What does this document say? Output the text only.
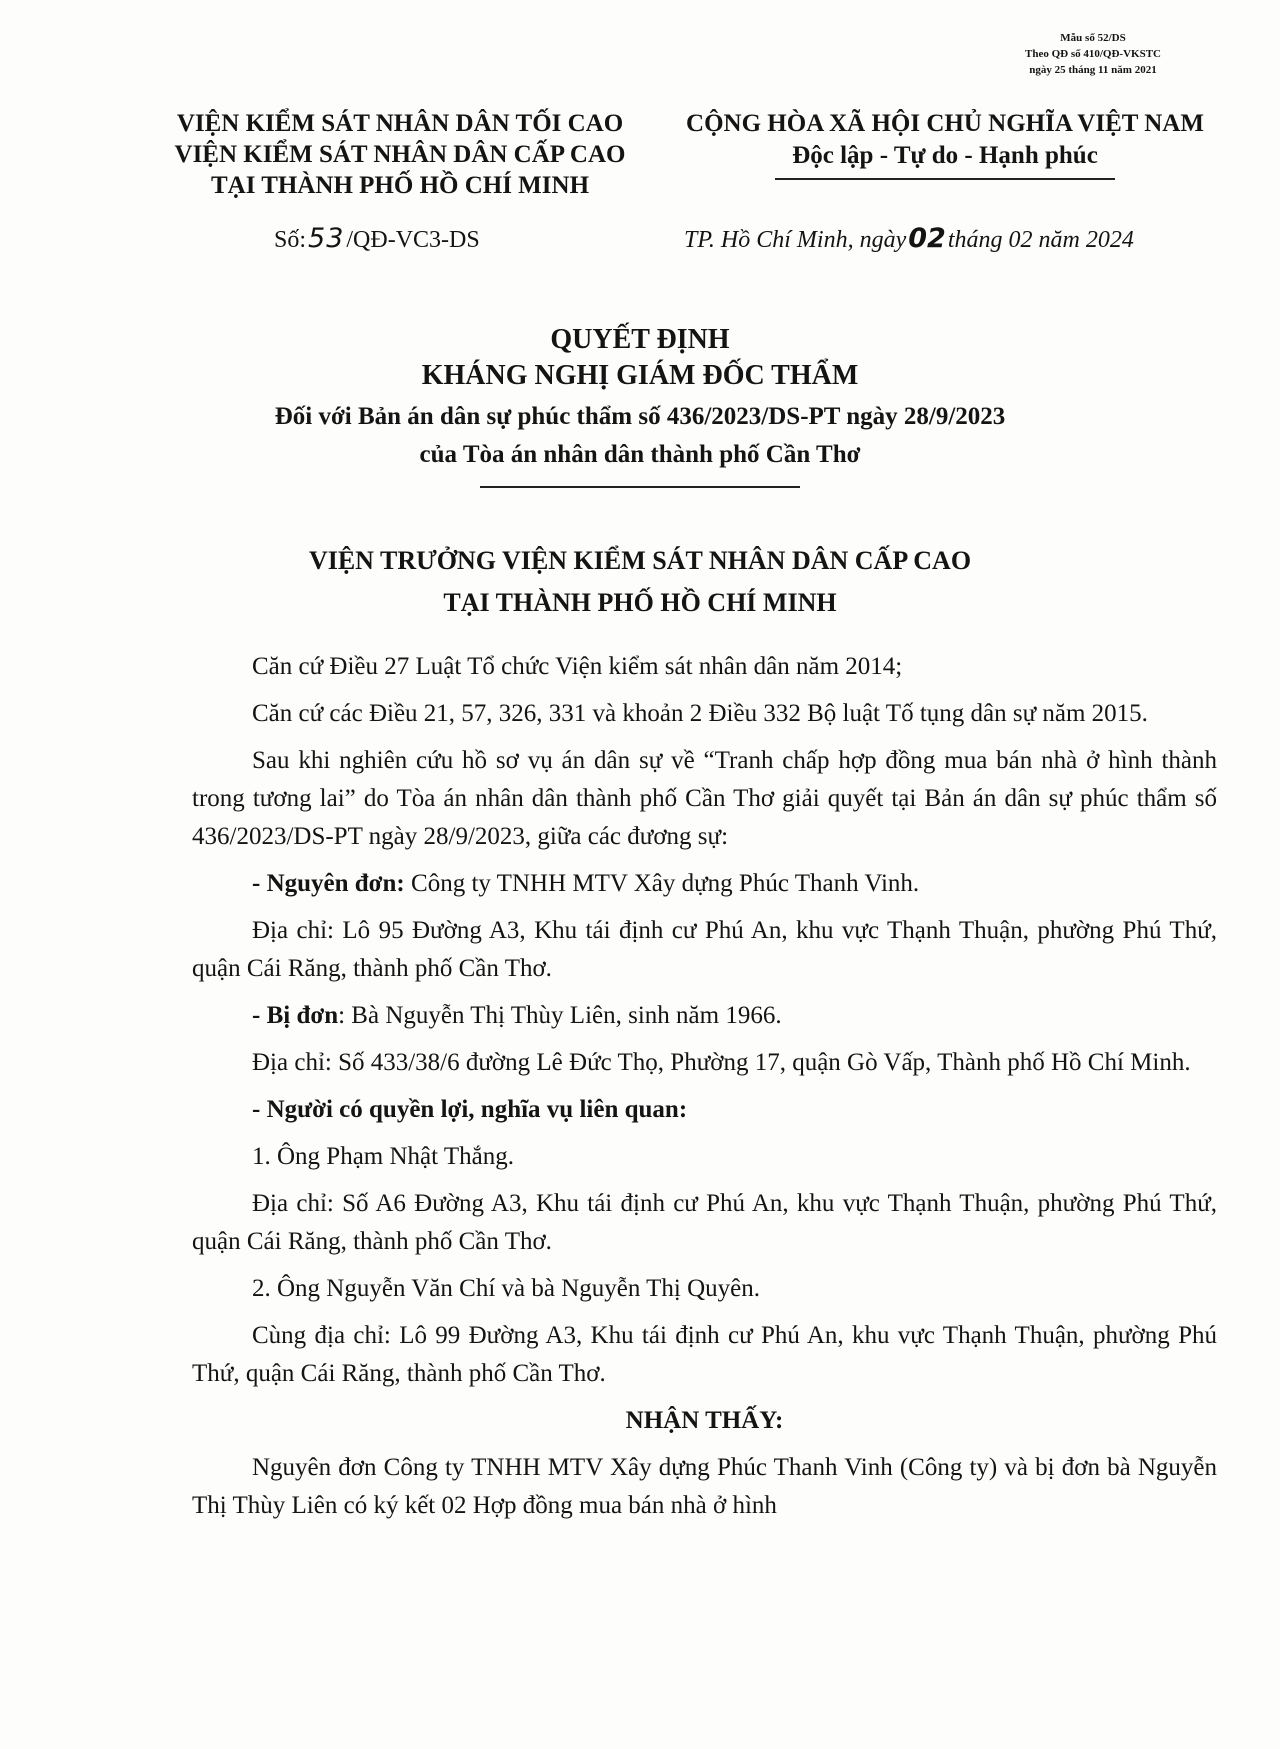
Mẫu số 52/DS
Theo QĐ số 410/QĐ-VKSTC
ngày 25 tháng 11 năm 2021
VIỆN KIỂM SÁT NHÂN DÂN TỐI CAO
VIỆN KIỂM SÁT NHÂN DÂN CẤP CAO
TẠI THÀNH PHỐ HỒ CHÍ MINH
CỘNG HÒA XÃ HỘI CHỦ NGHĨA VIỆT NAM
Độc lập - Tự do - Hạnh phúc
Số:53/QĐ-VC3-DS	TP. Hồ Chí Minh, ngày02tháng 02 năm 2024
QUYẾT ĐỊNH
KHÁNG NGHỊ GIÁM ĐỐC THẨM
Đối với Bản án dân sự phúc thẩm số 436/2023/DS-PT ngày 28/9/2023
của Tòa án nhân dân thành phố Cần Thơ
VIỆN TRƯỞNG VIỆN KIỂM SÁT NHÂN DÂN CẤP CAO
TẠI THÀNH PHỐ HỒ CHÍ MINH

Căn cứ Điều 27 Luật Tổ chức Viện kiểm sát nhân dân năm 2014;

Căn cứ các Điều 21, 57, 326, 331 và khoản 2 Điều 332 Bộ luật Tố tụng dân sự năm 2015.

Sau khi nghiên cứu hồ sơ vụ án dân sự về “Tranh chấp hợp đồng mua bán nhà ở hình thành trong tương lai” do Tòa án nhân dân thành phố Cần Thơ giải quyết tại Bản án dân sự phúc thẩm số 436/2023/DS-PT ngày 28/9/2023, giữa các đương sự:

- Nguyên đơn: Công ty TNHH MTV Xây dựng Phúc Thanh Vinh.

Địa chỉ: Lô 95 Đường A3, Khu tái định cư Phú An, khu vực Thạnh Thuận, phường Phú Thứ, quận Cái Răng, thành phố Cần Thơ.

- Bị đơn: Bà Nguyễn Thị Thùy Liên, sinh năm 1966.

Địa chỉ: Số 433/38/6 đường Lê Đức Thọ, Phường 17, quận Gò Vấp, Thành phố Hồ Chí Minh.

- Người có quyền lợi, nghĩa vụ liên quan:

1. Ông Phạm Nhật Thắng.

Địa chỉ: Số A6 Đường A3, Khu tái định cư Phú An, khu vực Thạnh Thuận, phường Phú Thứ, quận Cái Răng, thành phố Cần Thơ.

2. Ông Nguyễn Văn Chí và bà Nguyễn Thị Quyên.

Cùng địa chỉ: Lô 99 Đường A3, Khu tái định cư Phú An, khu vực Thạnh Thuận, phường Phú Thứ, quận Cái Răng, thành phố Cần Thơ.

NHẬN THẤY:

Nguyên đơn Công ty TNHH MTV Xây dựng Phúc Thanh Vinh (Công ty) và bị đơn bà Nguyễn Thị Thùy Liên có ký kết 02 Hợp đồng mua bán nhà ở hình
